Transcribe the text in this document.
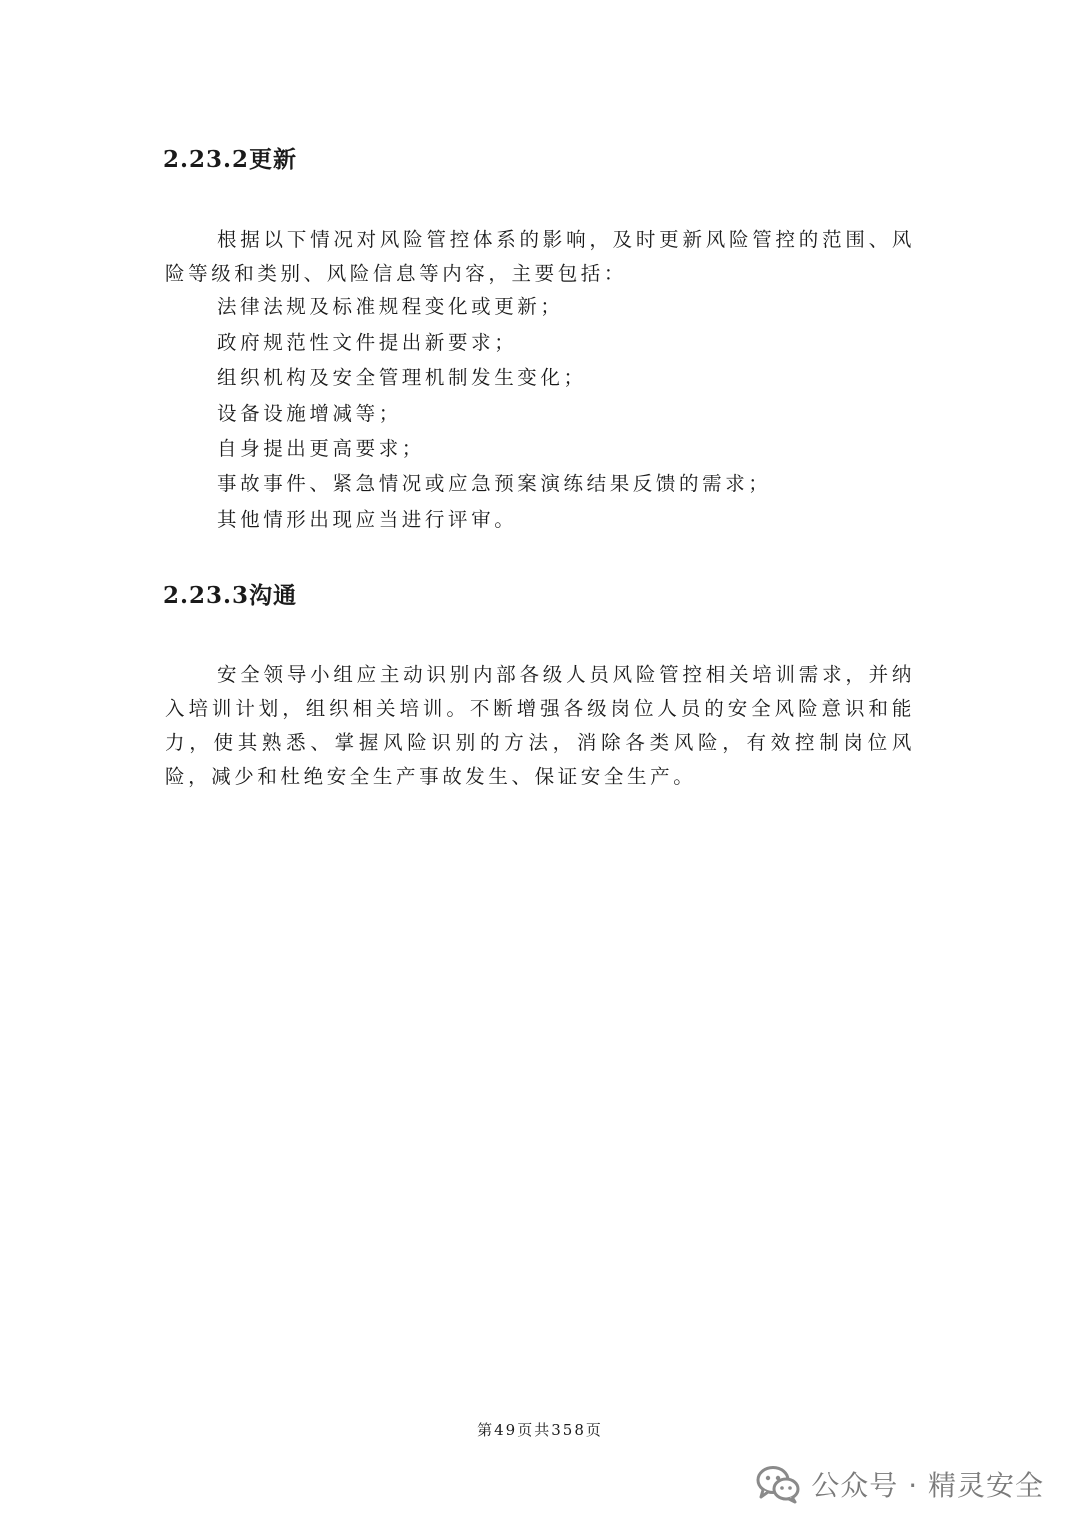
2.23.2更新
根据以下情况对风险管控体系的影响，及时更新风险管控的范围、风险等级和类别、风险信息等内容，主要包括：
法律法规及标准规程变化或更新；
政府规范性文件提出新要求；
组织机构及安全管理机制发生变化；
设备设施增减等；
自身提出更高要求；
事故事件、紧急情况或应急预案演练结果反馈的需求；
其他情形出现应当进行评审。
2.23.3沟通
安全领导小组应主动识别内部各级人员风险管控相关培训需求，并纳入培训计划，组织相关培训。不断增强各级岗位人员的安全风险意识和能力，使其熟悉、掌握风险识别的方法，消除各类风险，有效控制岗位风险，减少和杜绝安全生产事故发生、保证安全生产。
第49页共358页
公众号 · 精灵安全
